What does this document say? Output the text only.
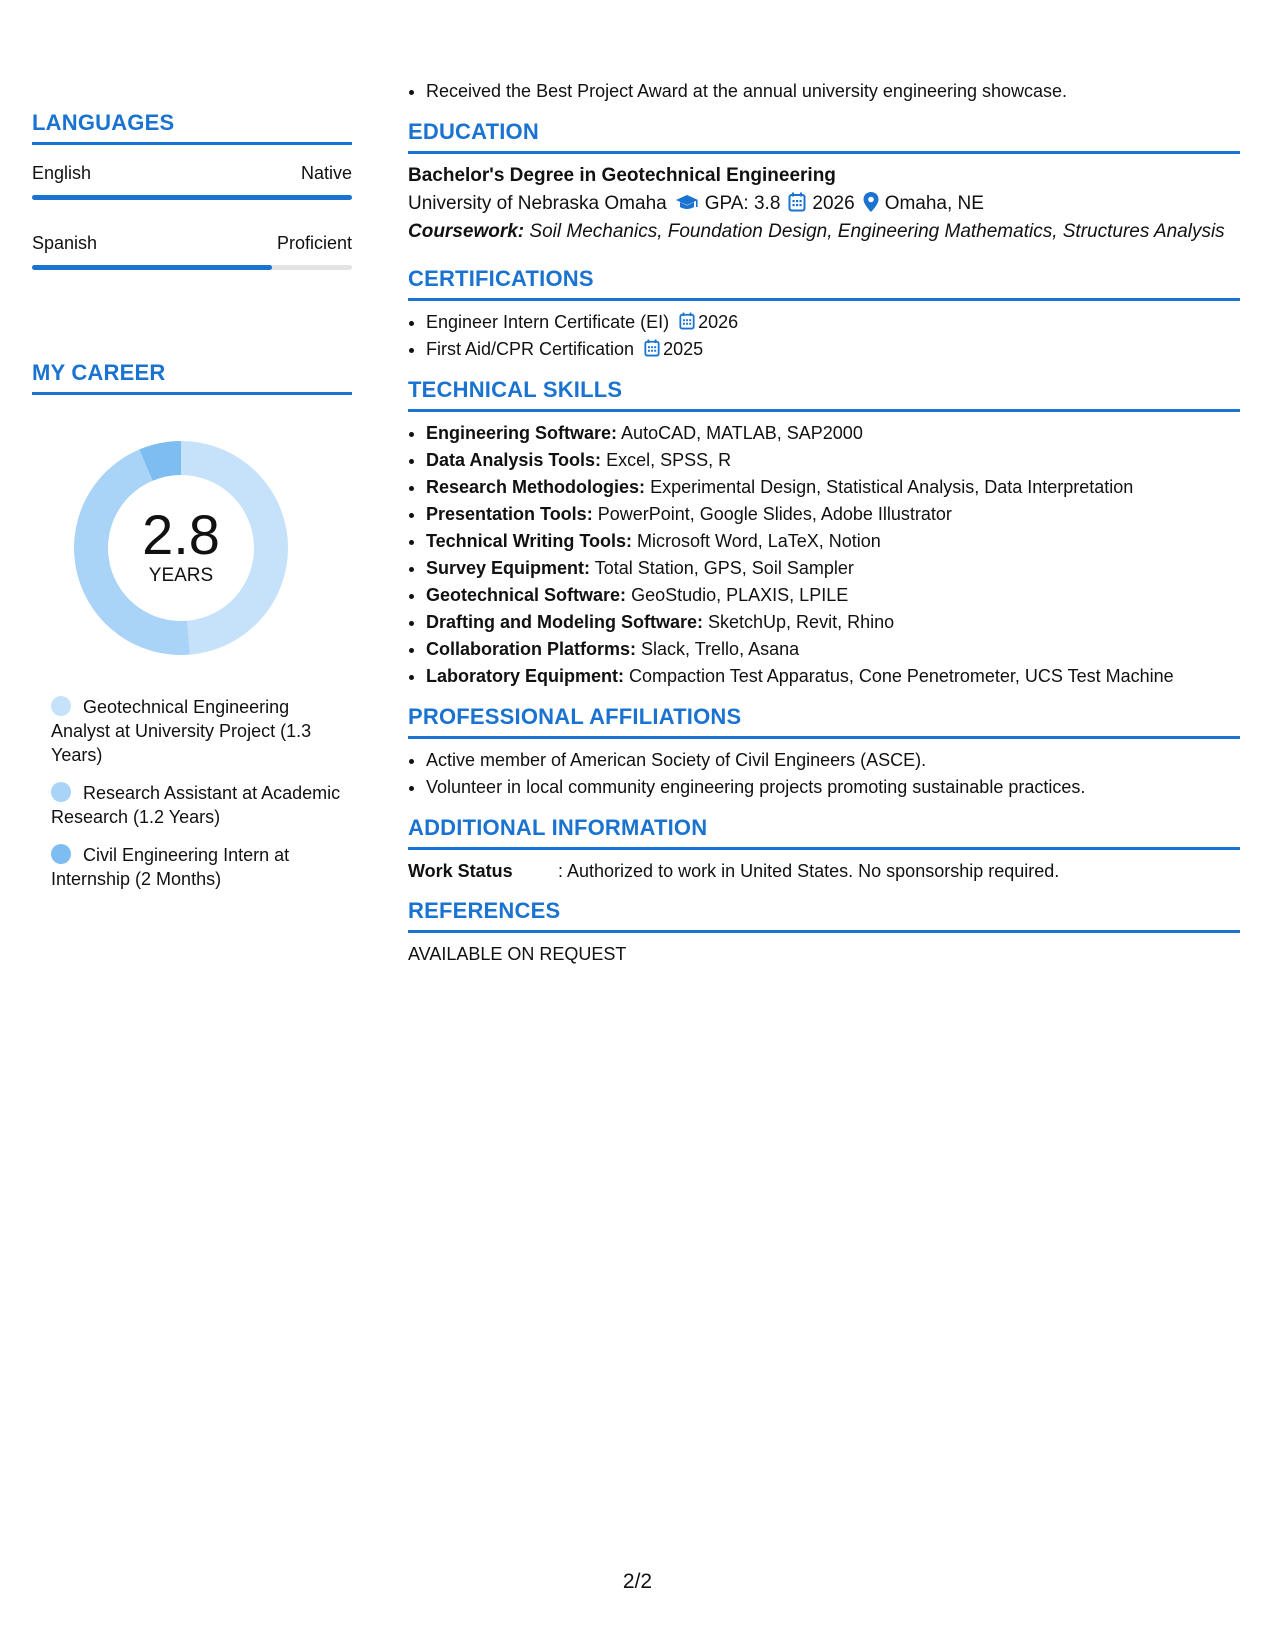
LANGUAGES
English	Native
Spanish	Proficient
MY CAREER
2.8
YEARS
Geotechnical Engineering Analyst at University Project (1.3 Years)
Research Assistant at Academic Research (1.2 Years)
Civil Engineering Intern at Internship (2 Months)
• Received the Best Project Award at the annual university engineering showcase.
EDUCATION
Bachelor's Degree in Geotechnical Engineering
University of Nebraska Omaha GPA: 3.8 2026 Omaha, NE
Coursework: Soil Mechanics, Foundation Design, Engineering Mathematics, Structures Analysis
CERTIFICATIONS
• Engineer Intern Certificate (EI) 2026
• First Aid/CPR Certification 2025
TECHNICAL SKILLS
• Engineering Software: AutoCAD, MATLAB, SAP2000
• Data Analysis Tools: Excel, SPSS, R
• Research Methodologies: Experimental Design, Statistical Analysis, Data Interpretation
• Presentation Tools: PowerPoint, Google Slides, Adobe Illustrator
• Technical Writing Tools: Microsoft Word, LaTeX, Notion
• Survey Equipment: Total Station, GPS, Soil Sampler
• Geotechnical Software: GeoStudio, PLAXIS, LPILE
• Drafting and Modeling Software: SketchUp, Revit, Rhino
• Collaboration Platforms: Slack, Trello, Asana
• Laboratory Equipment: Compaction Test Apparatus, Cone Penetrometer, UCS Test Machine
PROFESSIONAL AFFILIATIONS
• Active member of American Society of Civil Engineers (ASCE).
• Volunteer in local community engineering projects promoting sustainable practices.
ADDITIONAL INFORMATION
Work Status	: Authorized to work in United States. No sponsorship required.
REFERENCES
AVAILABLE ON REQUEST
2/2
